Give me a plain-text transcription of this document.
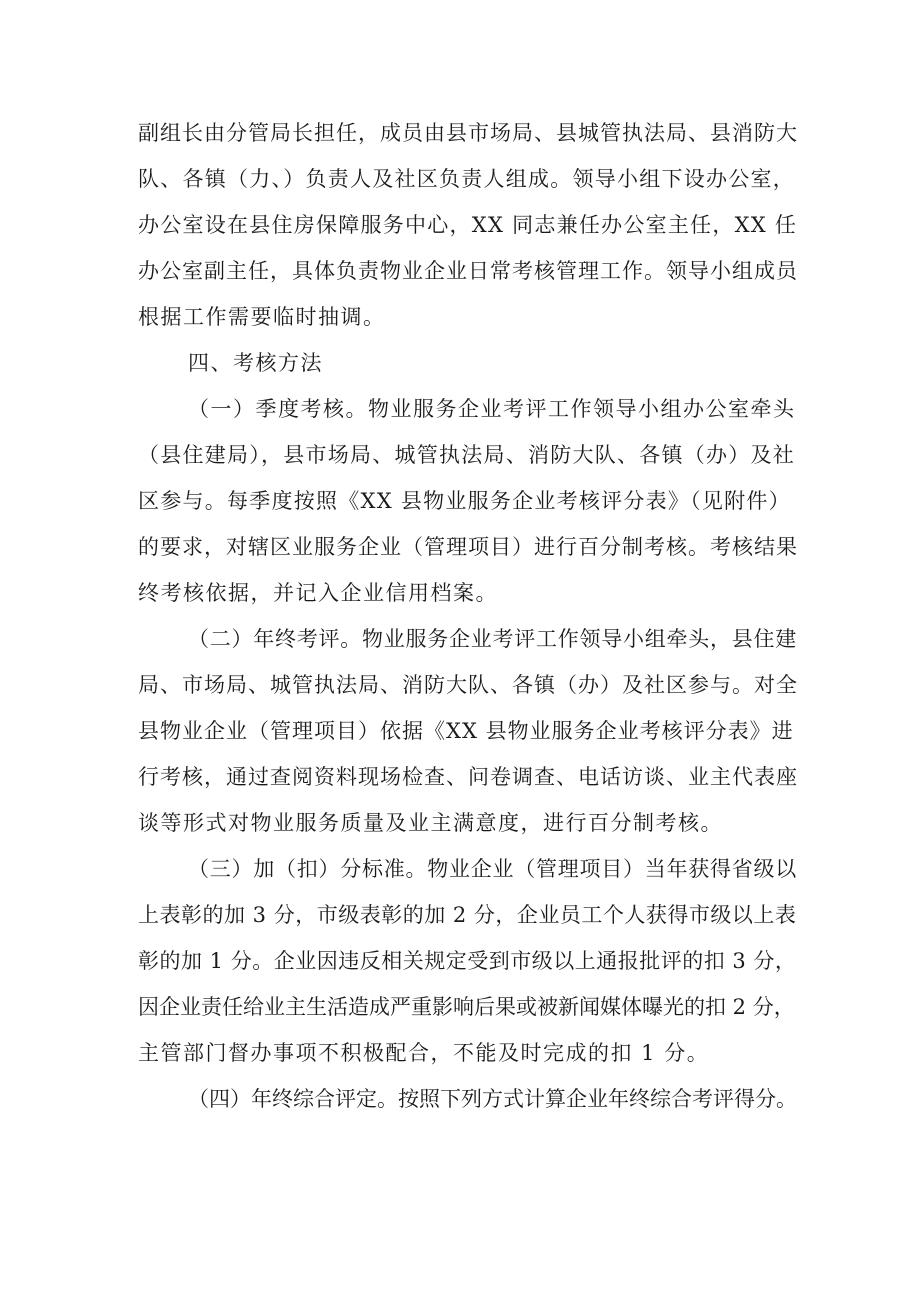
副组长由分管局长担任，成员由县市场局、县城管执法局、县消防大
队、各镇（力、）负责人及社区负责人组成。领导小组下设办公室，
办公室设在县住房保障服务中心，XX 同志兼任办公室主任，XX 任
办公室副主任，具体负责物业企业日常考核管理工作。领导小组成员
根据工作需要临时抽调。
四、考核方法
（一）季度考核。物业服务企业考评工作领导小组办公室牵头
（县住建局），县市场局、城管执法局、消防大队、各镇（办）及社
区参与。每季度按照《XX 县物业服务企业考核评分表》（见附件）
的要求，对辖区业服务企业（管理项目）进行百分制考核。考核结果
终考核依据，并记入企业信用档案。
（二）年终考评。物业服务企业考评工作领导小组牵头，县住建
局、市场局、城管执法局、消防大队、各镇（办）及社区参与。对全
县物业企业（管理项目）依据《XX 县物业服务企业考核评分表》进
行考核，通过查阅资料现场检查、问卷调查、电话访谈、业主代表座
谈等形式对物业服务质量及业主满意度，进行百分制考核。
（三）加（扣）分标准。物业企业（管理项目）当年获得省级以
上表彰的加 3 分，市级表彰的加 2 分，企业员工个人获得市级以上表
彰的加 1 分。企业因违反相关规定受到市级以上通报批评的扣 3 分，
因企业责任给业主生活造成严重影响后果或被新闻媒体曝光的扣 2 分，
主管部门督办事项不积极配合，不能及时完成的扣 1 分。
（四）年终综合评定。按照下列方式计算企业年终综合考评得分。
